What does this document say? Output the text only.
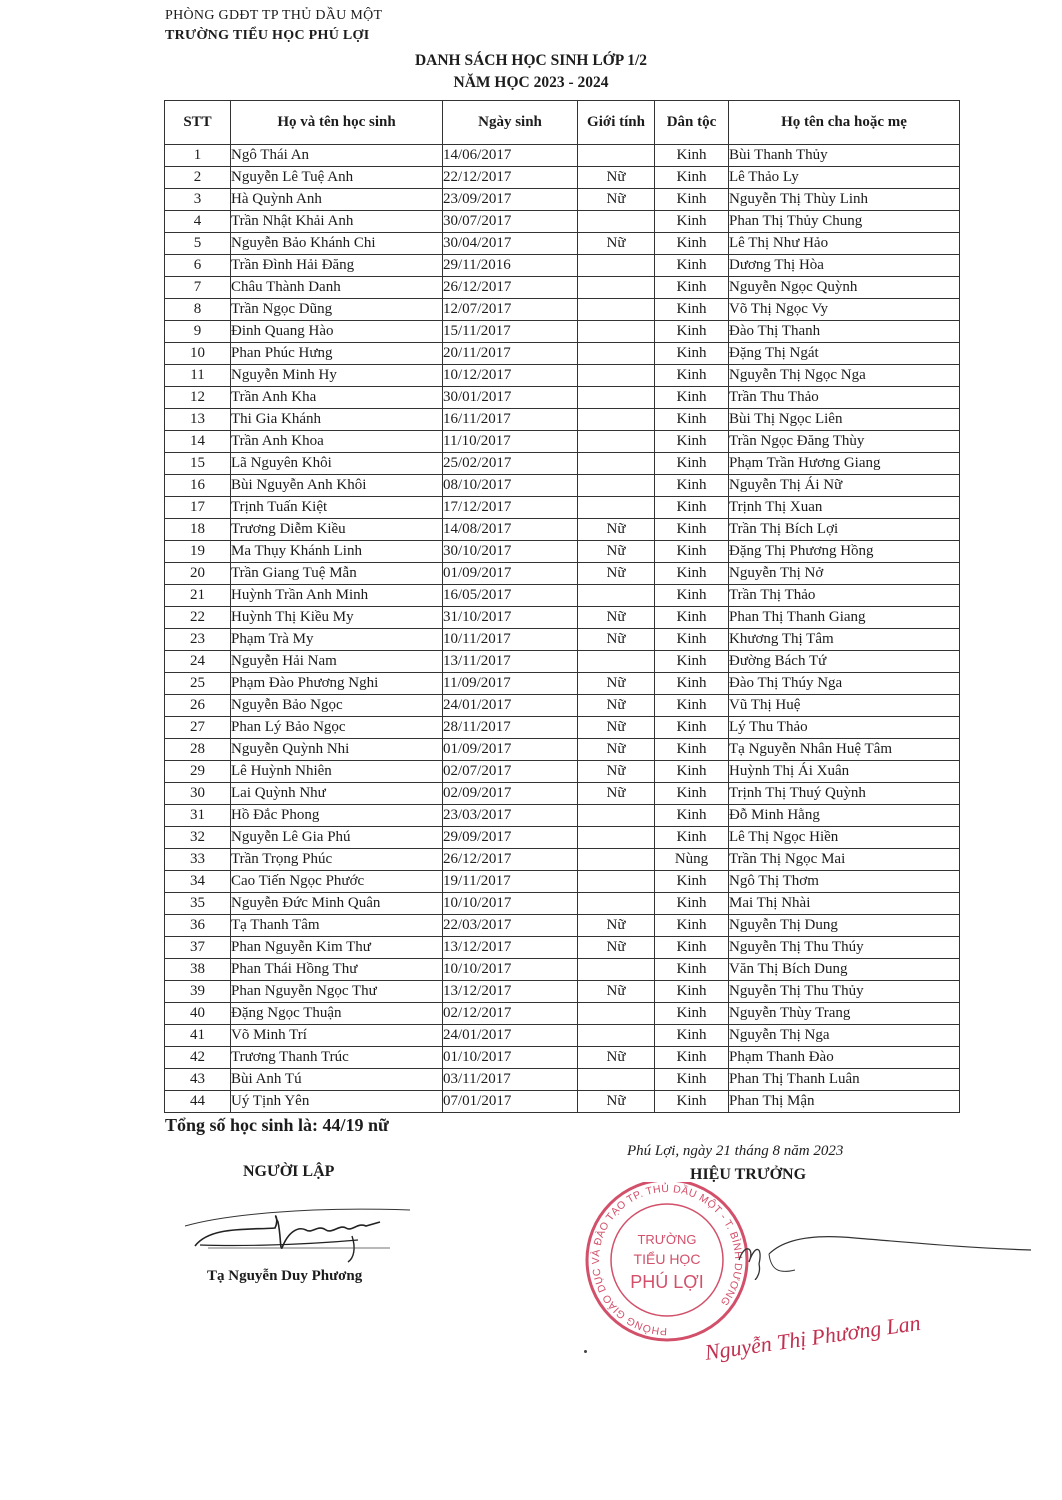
PHÒNG GDĐT TP THỦ DẦU MỘT
TRƯỜNG TIỂU HỌC PHÚ LỢI
DANH SÁCH HỌC SINH LỚP 1/2
NĂM HỌC 2023 - 2024
STT	Họ và tên học sinh	Ngày sinh	Giới tính	Dân tộc	Họ tên cha hoặc mẹ
1	Ngô Thái An	14/06/2017		Kinh	Bùi Thanh Thủy
2	Nguyễn Lê Tuệ Anh	22/12/2017	Nữ	Kinh	Lê Thảo Ly
3	Hà Quỳnh Anh	23/09/2017	Nữ	Kinh	Nguyễn Thị Thùy Linh
4	Trần Nhật Khải Anh	30/07/2017		Kinh	Phan Thị Thủy Chung
5	Nguyễn Bảo Khánh Chi	30/04/2017	Nữ	Kinh	Lê Thị Như Hảo
6	Trần Đình Hải Đăng	29/11/2016		Kinh	Dương Thị Hòa
7	Châu Thành Danh	26/12/2017		Kinh	Nguyễn Ngọc Quỳnh
8	Trần Ngọc Dũng	12/07/2017		Kinh	Võ Thị Ngọc Vy
9	Đinh Quang Hào	15/11/2017		Kinh	Đào Thị Thanh
10	Phan Phúc Hưng	20/11/2017		Kinh	Đặng Thị Ngát
11	Nguyễn Minh Hy	10/12/2017		Kinh	Nguyễn Thị Ngọc Nga
12	Trần Anh Kha	30/01/2017		Kinh	Trần Thu Thảo
13	Thi Gia Khánh	16/11/2017		Kinh	Bùi Thị Ngọc Liên
14	Trần Anh Khoa	11/10/2017		Kinh	Trần Ngọc Đăng Thùy
15	Lã Nguyên Khôi	25/02/2017		Kinh	Phạm Trần Hương Giang
16	Bùi Nguyễn Anh Khôi	08/10/2017		Kinh	Nguyễn Thị Ái Nữ
17	Trịnh Tuấn Kiệt	17/12/2017		Kinh	Trịnh Thị Xuan
18	Trương Diễm Kiều	14/08/2017	Nữ	Kinh	Trần Thị Bích Lợi
19	Ma Thụy Khánh Linh	30/10/2017	Nữ	Kinh	Đặng Thị Phương Hồng
20	Trần Giang Tuệ Mẫn	01/09/2017	Nữ	Kinh	Nguyễn Thị Nở
21	Huỳnh Trần Anh Minh	16/05/2017		Kinh	Trần Thị Thảo
22	Huỳnh Thị Kiều My	31/10/2017	Nữ	Kinh	Phan Thị Thanh Giang
23	Phạm Trà My	10/11/2017	Nữ	Kinh	Khương Thị Tâm
24	Nguyễn Hải Nam	13/11/2017		Kinh	Đường Bách Tứ
25	Phạm Đào Phương Nghi	11/09/2017	Nữ	Kinh	Đào Thị Thúy Nga
26	Nguyễn Bảo Ngọc	24/01/2017	Nữ	Kinh	Vũ Thị Huệ
27	Phan Lý Bảo Ngọc	28/11/2017	Nữ	Kinh	Lý Thu Thảo
28	Nguyễn Quỳnh Nhi	01/09/2017	Nữ	Kinh	Tạ Nguyễn Nhân Huệ Tâm
29	Lê Huỳnh Nhiên	02/07/2017	Nữ	Kinh	Huỳnh Thị Ái Xuân
30	Lai Quỳnh Như	02/09/2017	Nữ	Kinh	Trịnh Thị Thuý Quỳnh
31	Hồ Đắc Phong	23/03/2017		Kinh	Đỗ Minh Hằng
32	Nguyễn Lê Gia Phú	29/09/2017		Kinh	Lê Thị Ngọc Hiền
33	Trần Trọng Phúc	26/12/2017		Nùng	Trần Thị Ngọc Mai
34	Cao Tiến Ngọc Phước	19/11/2017		Kinh	Ngô Thị Thơm
35	Nguyễn Đức Minh Quân	10/10/2017		Kinh	Mai Thị Nhài
36	Tạ Thanh Tâm	22/03/2017	Nữ	Kinh	Nguyễn Thị Dung
37	Phan Nguyễn Kim Thư	13/12/2017	Nữ	Kinh	Nguyễn Thị Thu Thúy
38	Phan Thái Hồng Thư	10/10/2017		Kinh	Văn Thị Bích Dung
39	Phan Nguyễn Ngọc Thư	13/12/2017	Nữ	Kinh	Nguyễn Thị Thu Thủy
40	Đặng Ngọc Thuận	02/12/2017		Kinh	Nguyễn Thùy Trang
41	Võ Minh Trí	24/01/2017		Kinh	Nguyễn Thị Nga
42	Trương Thanh Trúc	01/10/2017	Nữ	Kinh	Phạm Thanh Đào
43	Bùi Anh Tú	03/11/2017		Kinh	Phan Thị Thanh Luân
44	Uý Tịnh Yên	07/01/2017	Nữ	Kinh	Phan Thị Mận
Tổng số học sinh là: 44/19 nữ
Phú Lợi, ngày 21 tháng 8 năm 2023
NGƯỜI LẬP	HIỆU TRƯỞNG
Tạ Nguyễn Duy Phương
PHÒNG GIÁO DỤC VÀ ĐÀO TẠO TP. THỦ DẦU MỘT - T. BÌNH DƯƠNG
TRƯỜNG
TIỂU HỌC
PHÚ LỢI
Nguyễn Thị Phương Lan
